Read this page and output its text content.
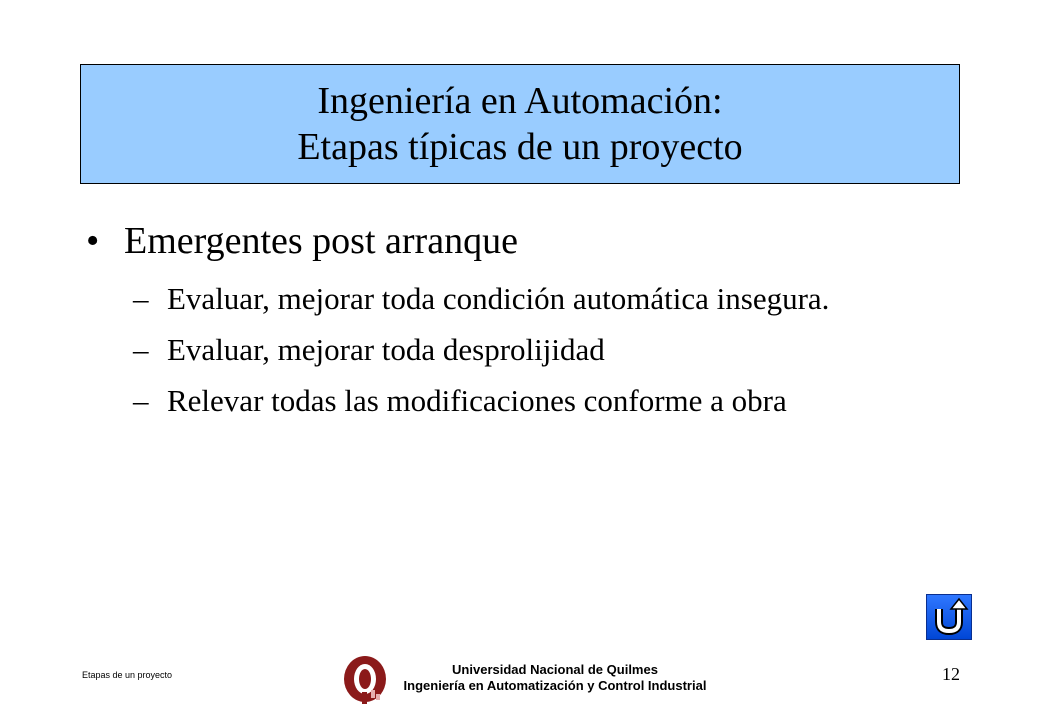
Ingeniería en Automación:
Etapas típicas de un proyecto
• Emergentes post arranque
– Evaluar, mejorar toda condición automática insegura.
– Evaluar, mejorar toda desprolijidad
– Relevar todas las modificaciones conforme a obra
Etapas de un proyecto	Universidad Nacional de Quilmes
Ingeniería en Automatización y Control Industrial
12
